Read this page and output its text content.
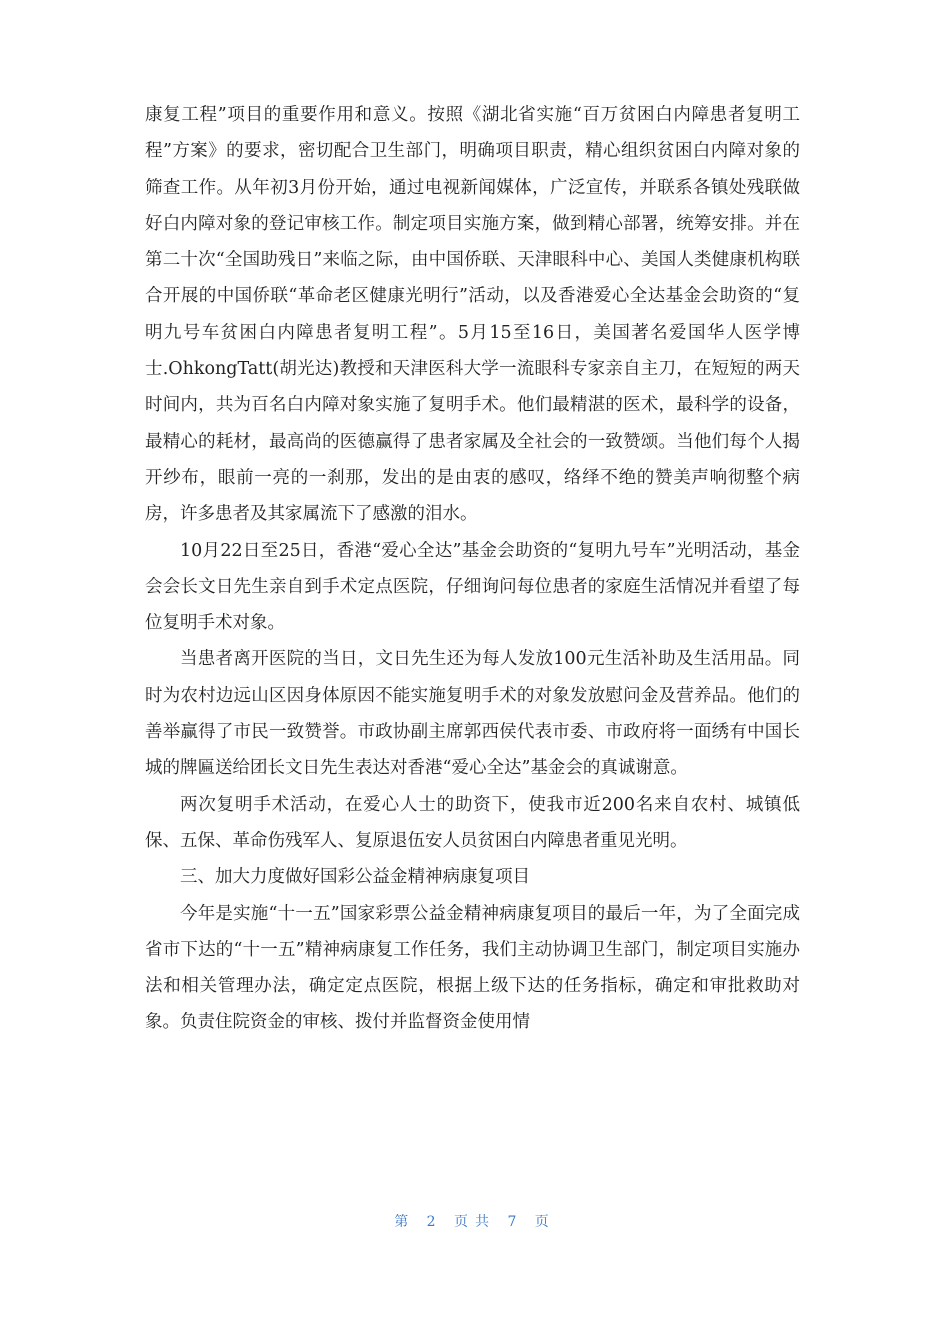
康复工程”项目的重要作用和意义。按照《湖北省实施“百万贫困白内障患者复明工程”方案》的要求，密切配合卫生部门，明确项目职责，精心组织贫困白内障对象的筛查工作。从年初3月份开始，通过电视新闻媒体，广泛宣传，并联系各镇处残联做好白内障对象的登记审核工作。制定项目实施方案，做到精心部署，统筹安排。并在第二十次“全国助残日”来临之际，由中国侨联、天津眼科中心、美国人类健康机构联合开展的中国侨联“革命老区健康光明行”活动，以及香港爱心全达基金会助资的“复明九号车贫困白内障患者复明工程”。5月15至16日，美国著名爱国华人医学博士.OhkongTatt(胡光达)教授和天津医科大学一流眼科专家亲自主刀，在短短的两天时间内，共为百名白内障对象实施了复明手术。他们最精湛的医术，最科学的设备，最精心的耗材，最高尚的医德赢得了患者家属及全社会的一致赞颂。当他们每个人揭开纱布，眼前一亮的一刹那，发出的是由衷的感叹，络绎不绝的赞美声响彻整个病房，许多患者及其家属流下了感激的泪水。

10月22日至25日，香港“爱心全达”基金会助资的“复明九号车”光明活动，基金会会长文日先生亲自到手术定点医院，仔细询问每位患者的家庭生活情况并看望了每位复明手术对象。

当患者离开医院的当日，文日先生还为每人发放100元生活补助及生活用品。同时为农村边远山区因身体原因不能实施复明手术的对象发放慰问金及营养品。他们的善举赢得了市民一致赞誉。市政协副主席郭西侯代表市委、市政府将一面绣有中国长城的牌匾送给团长文日先生表达对香港“爱心全达”基金会的真诚谢意。

两次复明手术活动，在爱心人士的助资下，使我市近200名来自农村、城镇低保、五保、革命伤残军人、复原退伍安人员贫困白内障患者重见光明。

三、加大力度做好国彩公益金精神病康复项目

今年是实施“十一五”国家彩票公益金精神病康复项目的最后一年，为了全面完成省市下达的“十一五”精神病康复工作任务，我们主动协调卫生部门，制定项目实施办法和相关管理办法，确定定点医院，根据上级下达的任务指标，确定和审批救助对象。负责住院资金的审核、拨付并监督资金使用情

第 2 页共 7 页
